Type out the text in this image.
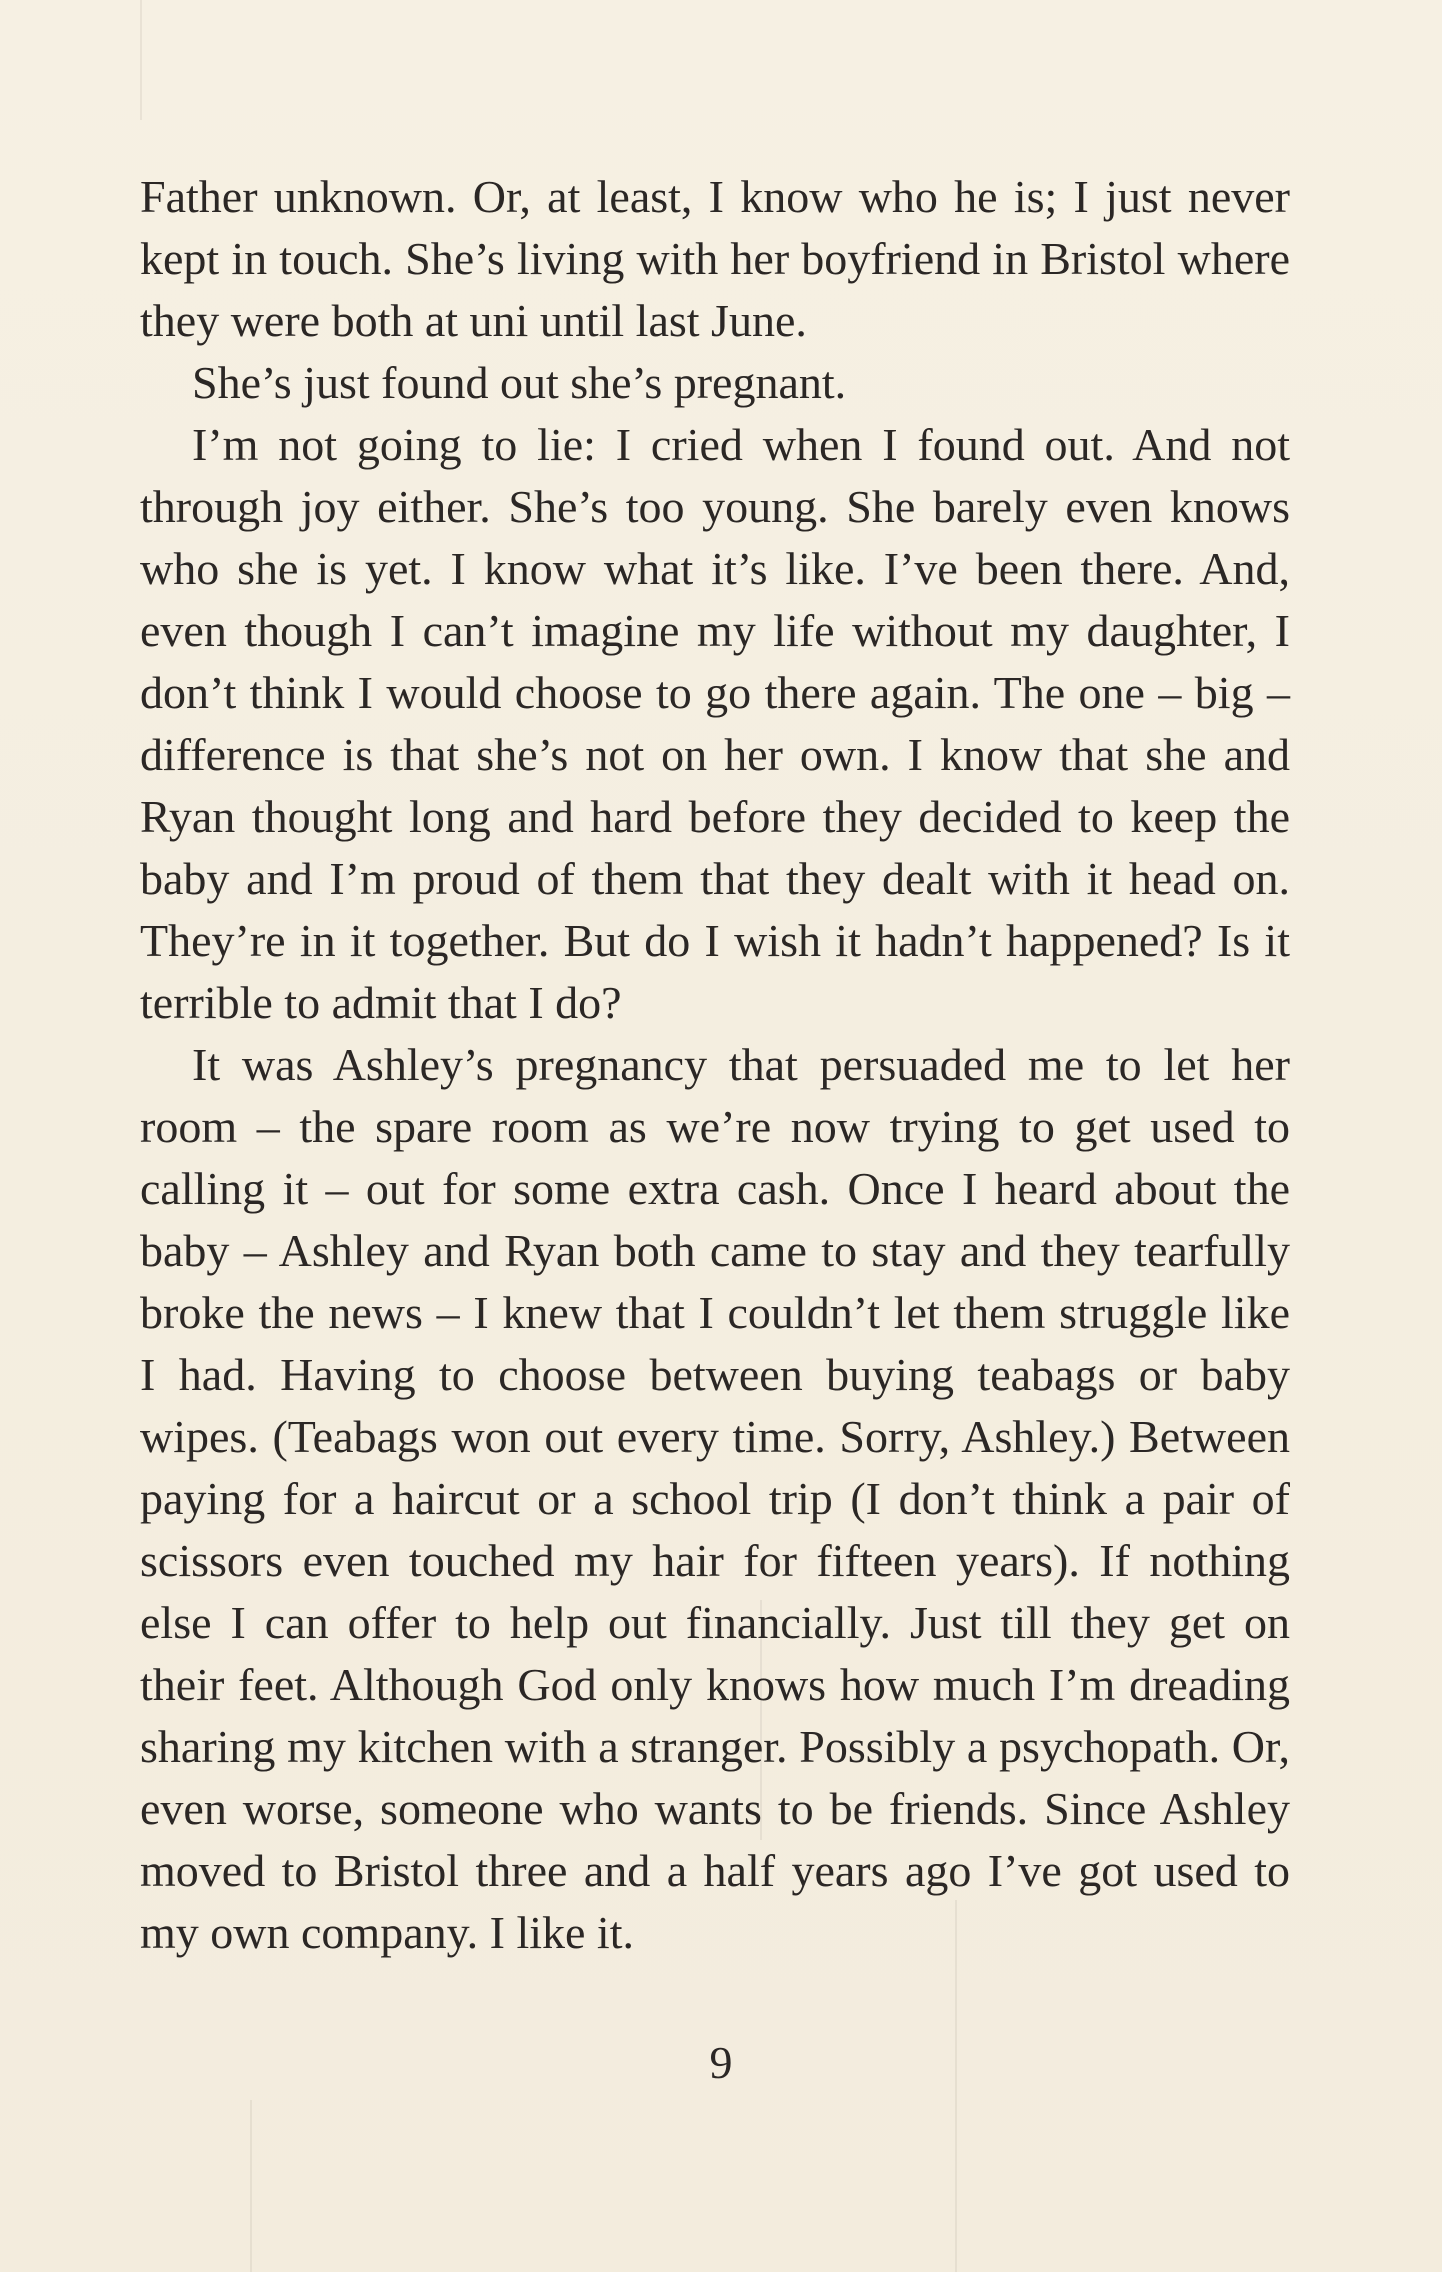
Father unknown. Or, at least, I know who he is; I just never kept in touch. She’s living with her boyfriend in Bristol where they were both at uni until last June.

She’s just found out she’s pregnant.

I’m not going to lie: I cried when I found out. And not through joy either. She’s too young. She barely even knows who she is yet. I know what it’s like. I’ve been there. And, even though I can’t imagine my life without my daughter, I don’t think I would choose to go there again. The one – big – difference is that she’s not on her own. I know that she and Ryan thought long and hard before they decided to keep the baby and I’m proud of them that they dealt with it head on. They’re in it together. But do I wish it hadn’t happened? Is it terrible to admit that I do?

It was Ashley’s pregnancy that persuaded me to let her room – the spare room as we’re now trying to get used to calling it – out for some extra cash. Once I heard about the baby – Ashley and Ryan both came to stay and they tearfully broke the news – I knew that I couldn’t let them struggle like I had. Having to choose between buying teabags or baby wipes. (Teabags won out every time. Sorry, Ashley.) Between paying for a haircut or a school trip (I don’t think a pair of scissors even touched my hair for fifteen years). If nothing else I can offer to help out financially. Just till they get on their feet. Although God only knows how much I’m dreading sharing my kitchen with a stranger. Possibly a psychopath. Or, even worse, someone who wants to be friends. Since Ashley moved to Bristol three and a half years ago I’ve got used to my own company. I like it.

9
